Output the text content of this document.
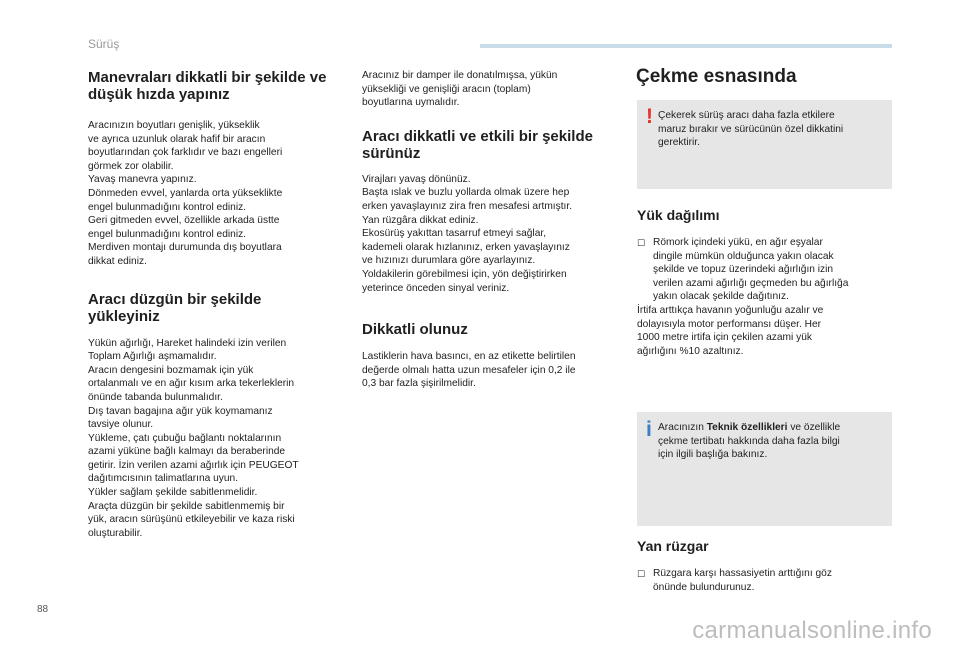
Sürüş
Manevraları dikkatli bir şekilde ve
düşük hızda yapınız

Aracınızın boyutları genişlik, yükseklik
ve ayrıca uzunluk olarak hafif bir aracın
boyutlarından çok farklıdır ve bazı engelleri
görmek zor olabilir.
Yavaş manevra yapınız.
Dönmeden evvel, yanlarda orta yükseklikte
engel bulunmadığını kontrol ediniz.
Geri gitmeden evvel, özellikle arkada üstte
engel bulunmadığını kontrol ediniz.
Merdiven montajı durumunda dış boyutlara
dikkat ediniz.

Aracı düzgün bir şekilde
yükleyiniz

Yükün ağırlığı, Hareket halindeki izin verilen
Toplam Ağırlığı aşmamalıdır.
Aracın dengesini bozmamak için yük
ortalanmalı ve en ağır kısım arka tekerleklerin
önünde tabanda bulunmalıdır.
Dış tavan bagajına ağır yük koymamanız
tavsiye olunur.
Yükleme, çatı çubuğu bağlantı noktalarının
azami yüküne bağlı kalmayı da beraberinde
getirir. İzin verilen azami ağırlık için PEUGEOT
dağıtımcısının talimatlarına uyun.
Yükler sağlam şekilde sabitlenmelidir.
Araçta düzgün bir şekilde sabitlenmemiş bir
yük, aracın sürüşünü etkileyebilir ve kaza riski
oluşturabilir.

Aracınız bir damper ile donatılmışsa, yükün
yüksekliği ve genişliği aracın (toplam)
boyutlarına uymalıdır.

Aracı dikkatli ve etkili bir şekilde
sürünüz

Virajları yavaş dönünüz.
Başta ıslak ve buzlu yollarda olmak üzere hep
erken yavaşlayınız zira fren mesafesi artmıştır.
Yan rüzgâra dikkat ediniz.
Ekosürüş yakıttan tasarruf etmeyi sağlar,
kademeli olarak hızlanınız, erken yavaşlayınız
ve hızınızı durumlara göre ayarlayınız.
Yoldakilerin görebilmesi için, yön değiştirirken
yeterince önceden sinyal veriniz.

Dikkatli olunuz

Lastiklerin hava basıncı, en az etikette belirtilen
değerde olmalı hatta uzun mesafeler için 0,2 ile
0,3 bar fazla şişirilmelidir.

Çekme esnasında
! Çekerek sürüş aracı daha fazla etkilere
maruz bırakır ve sürücünün özel dikkatini
gerektirir.
Yük dağılımı
☐ Römork içindeki yükü, en ağır eşyalar
dingile mümkün olduğunca yakın olacak
şekilde ve topuz üzerindeki ağırlığın izin
verilen azami ağırlığı geçmeden bu ağırlığa
yakın olacak şekilde dağıtınız.

İrtifa arttıkça havanın yoğunluğu azalır ve
dolayısıyla motor performansı düşer. Her
1000 metre irtifa için çekilen azami yük
ağırlığını %10 azaltınız.

i Aracınızın Teknik özellikleri ve özellikle
çekme tertibatı hakkında daha fazla bilgi
için ilgili başlığa bakınız.
Yan rüzgar
☐ Rüzgara karşı hassasiyetin arttığını göz
önünde bulundurunuz.
88
carmanualsonline.info
